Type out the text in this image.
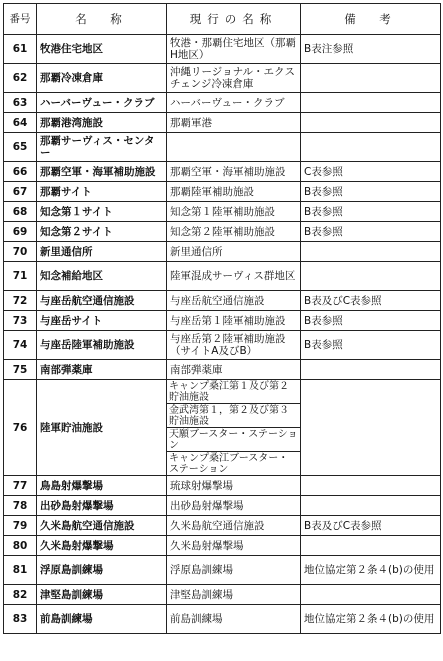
番号	名　称	現行の名称	備　考
61	牧港住宅地区	牧港・那覇住宅地区（那覇H地区）	B表注参照
62	那覇冷凍倉庫	沖縄リージョナル・エクスチェンジ冷凍倉庫	
63	ハーバーヴュー・クラブ	ハーバーヴュー・クラブ	
64	那覇港湾施設	那覇軍港	
65	那覇サーヴィス・センター		
66	那覇空軍・海軍補助施設	那覇空軍・海軍補助施設	C表参照
67	那覇サイト	那覇陸軍補助施設	B表参照
68	知念第１サイト	知念第１陸軍補助施設	B表参照
69	知念第２サイト	知念第２陸軍補助施設	B表参照
70	新里通信所	新里通信所	
71	知念補給地区	陸軍混成サーヴィス群地区	
72	与座岳航空通信施設	与座岳航空通信施設	B表及びC表参照
73	与座岳サイト	与座岳第１陸軍補助施設	B表参照
74	与座岳陸軍補助施設	与座岳第２陸軍補助施設（サイトA及びB）	B表参照
75	南部弾薬庫	南部弾薬庫	
76	陸軍貯油施設	キャンプ桑江第１及び第２貯油施設	
		金武湾第１，第２及び第３貯油施設	
		天願ブースター・ステーション	
		キャンプ桑江ブースター・ステーション	
77	鳥島射爆撃場	琉球射爆撃場	
78	出砂島射爆撃場	出砂島射爆撃場	
79	久米島航空通信施設	久米島航空通信施設	B表及びC表参照
80	久米島射爆撃場	久米島射爆撃場	
81	浮原島訓練場	浮原島訓練場	地位協定第２条４(b)の使用
82	津堅島訓練場	津堅島訓練場	
83	前島訓練場	前島訓練場	地位協定第２条４(b)の使用
